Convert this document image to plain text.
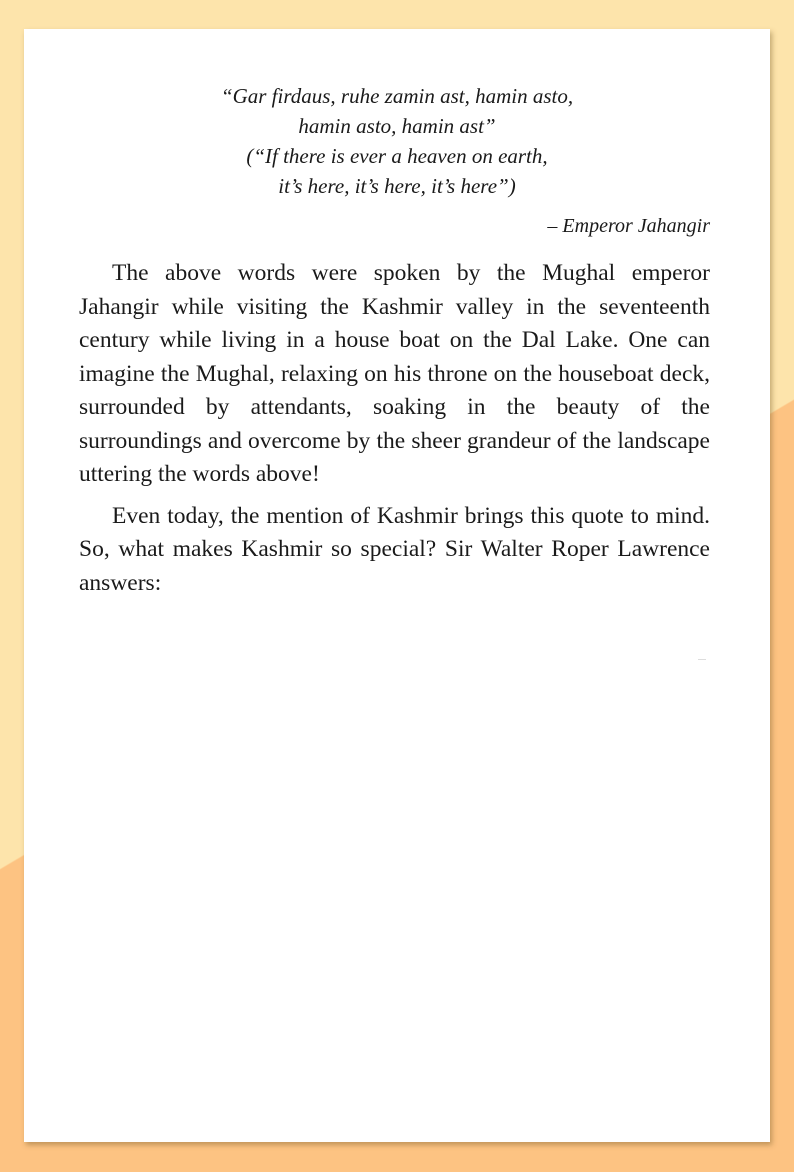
“Gar firdaus, ruhe zamin ast, hamin asto,
hamin asto, hamin ast”
(“If there is ever a heaven on earth,
it’s here, it’s here, it’s here”)
– Emperor Jahangir

The above words were spoken by the Mughal emperor Jahangir while visiting the Kashmir valley in the seventeenth century while living in a house boat on the Dal Lake. One can imagine the Mughal, relaxing on his throne on the houseboat deck, surrounded by attendants, soaking in the beauty of the surroundings and overcome by the sheer grandeur of the landscape uttering the words above!

Even today, the mention of Kashmir brings this quote to mind. So, what makes Kashmir so special? Sir Walter Roper Lawrence answers:
